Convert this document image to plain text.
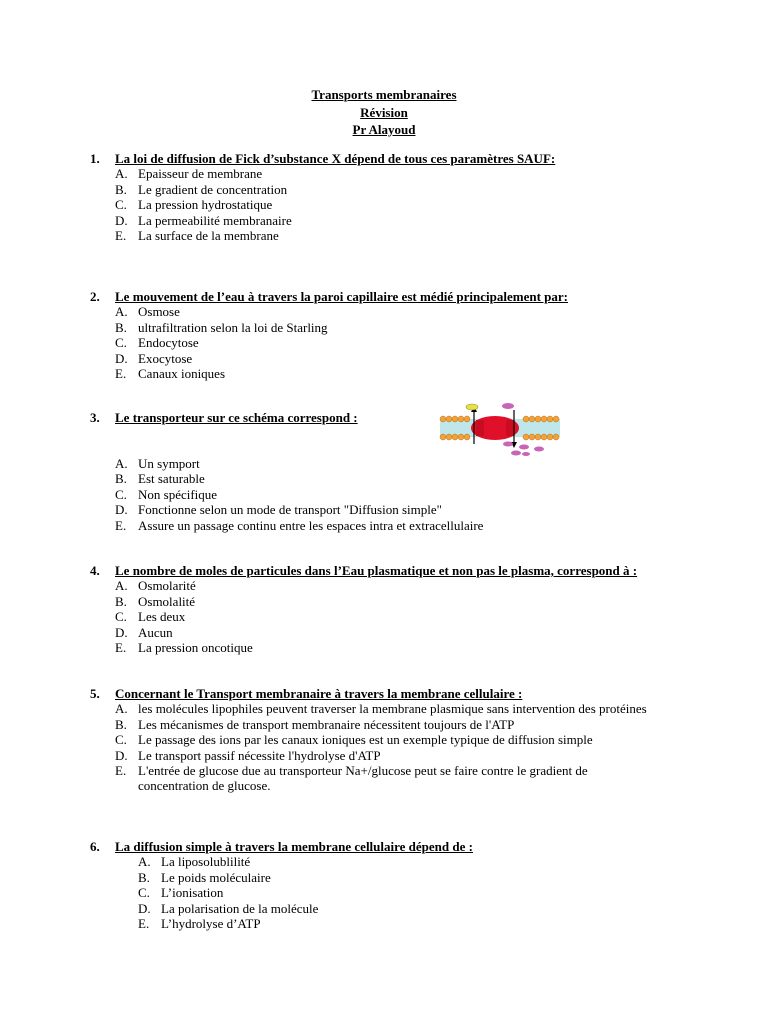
Transports membranaires
Révision
Pr Alayoud
1. La loi de diffusion de Fick d’substance X dépend de tous ces paramètres SAUF:
A. Epaisseur de membrane
B. Le gradient de concentration
C. La pression hydrostatique
D. La permeabilité membranaire
E. La surface de la membrane
2. Le mouvement de l’eau à travers la paroi capillaire est médié principalement par:
A. Osmose
B. ultrafiltration selon la loi de Starling
C. Endocytose
D. Exocytose
E. Canaux ioniques
3. Le transporteur sur ce schéma correspond :
A. Un symport
B. Est saturable
C. Non spécifique
D. Fonctionne selon un mode de transport "Diffusion simple"
E. Assure un passage continu entre les espaces intra et extracellulaire
4. Le nombre de moles de particules dans l’Eau plasmatique et non pas le plasma, correspond à :
A. Osmolarité
B. Osmolalité
C. Les deux
D. Aucun
E. La pression oncotique
5. Concernant le Transport membranaire à travers la membrane cellulaire :
A. les molécules lipophiles peuvent traverser la membrane plasmique sans intervention des protéines
B. Les mécanismes de transport membranaire nécessitent toujours de l'ATP
C. Le passage des ions par les canaux ioniques est un exemple typique de diffusion simple
D. Le transport passif nécessite l'hydrolyse d'ATP
E. L'entrée de glucose due au transporteur Na+/glucose peut se faire contre le gradient de concentration de glucose.
6. La diffusion simple à travers la membrane cellulaire dépend de :
A. La liposolublilité
B. Le poids moléculaire
C. L’ionisation
D. La polarisation de la molécule
E. L’hydrolyse d’ATP
